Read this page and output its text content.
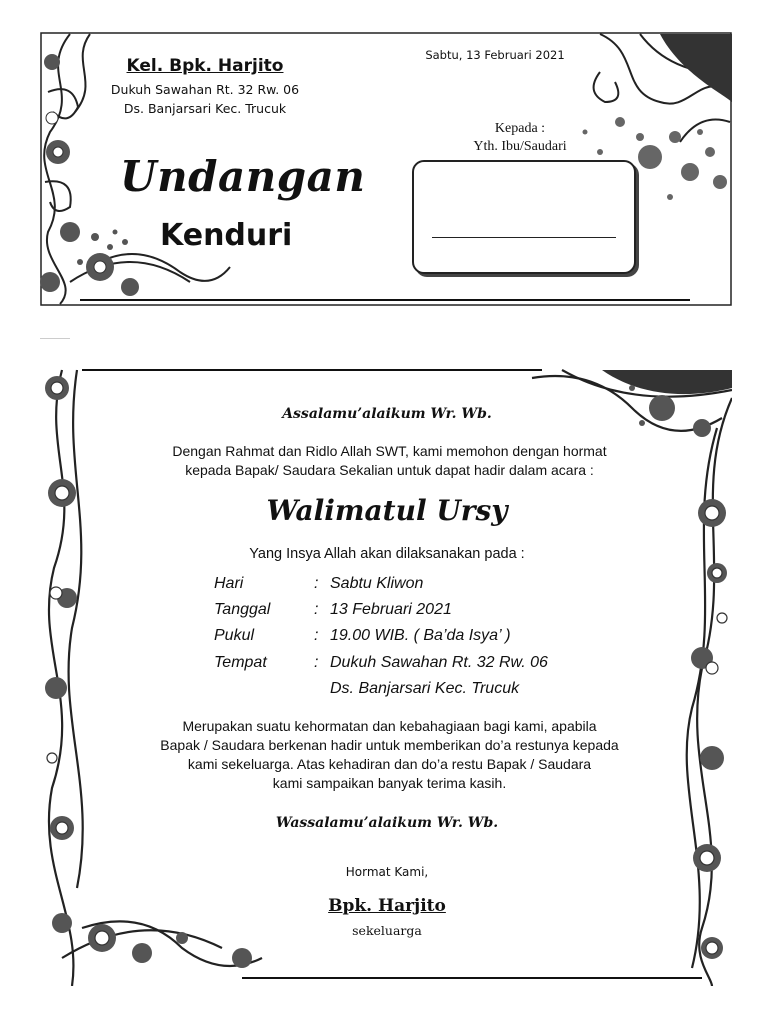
Kel. Bpk. Harjito
Dukuh Sawahan Rt. 32 Rw. 06
Ds. Banjarsari Kec. Trucuk
Sabtu, 13 Februari 2021
Kepada :
Yth. Ibu/Saudari
Undangan
Kenduri
Assalamu’alaikum Wr. Wb.
Dengan Rahmat dan Ridlo Allah SWT, kami memohon dengan hormat
kepada Bapak/ Saudara Sekalian untuk dapat hadir dalam acara :
Walimatul Ursy
Yang Insya Allah akan dilaksanakan pada :
Hari	: Sabtu Kliwon
Tanggal	: 13 Februari 2021
Pukul	: 19.00 WIB. ( Ba’da Isya’ )
Tempat	: Dukuh Sawahan Rt. 32 Rw. 06
Ds. Banjarsari Kec. Trucuk
Merupakan suatu kehormatan dan kebahagiaan bagi kami, apabila
Bapak / Saudara berkenan hadir untuk memberikan do’a restunya kepada
kami sekeluarga. Atas kehadiran dan do’a restu Bapak / Saudara
kami sampaikan banyak terima kasih.
Wassalamu’alaikum Wr. Wb.
Hormat Kami,
Bpk. Harjito
sekeluarga
